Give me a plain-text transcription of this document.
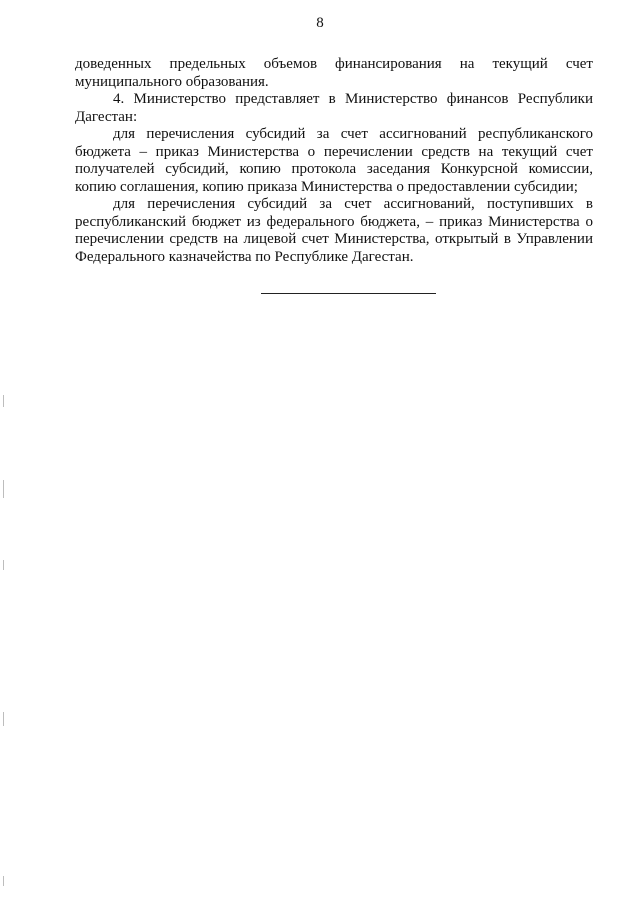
8

доведенных предельных объемов финансирования на текущий счет муниципального образования.

4. Министерство представляет в Министерство финансов Республики Дагестан:

для перечисления субсидий за счет ассигнований республиканского бюджета – приказ Министерства о перечислении средств на текущий счет получателей субсидий, копию протокола заседания Конкурсной комиссии, копию соглашения, копию приказа Министерства о предоставлении субсидии;

для перечисления субсидий за счет ассигнований, поступивших в республиканский бюджет из федерального бюджета, – приказ Министерства о перечислении средств на лицевой счет Министерства, открытый в Управлении Федерального казначейства по Республике Дагестан.
